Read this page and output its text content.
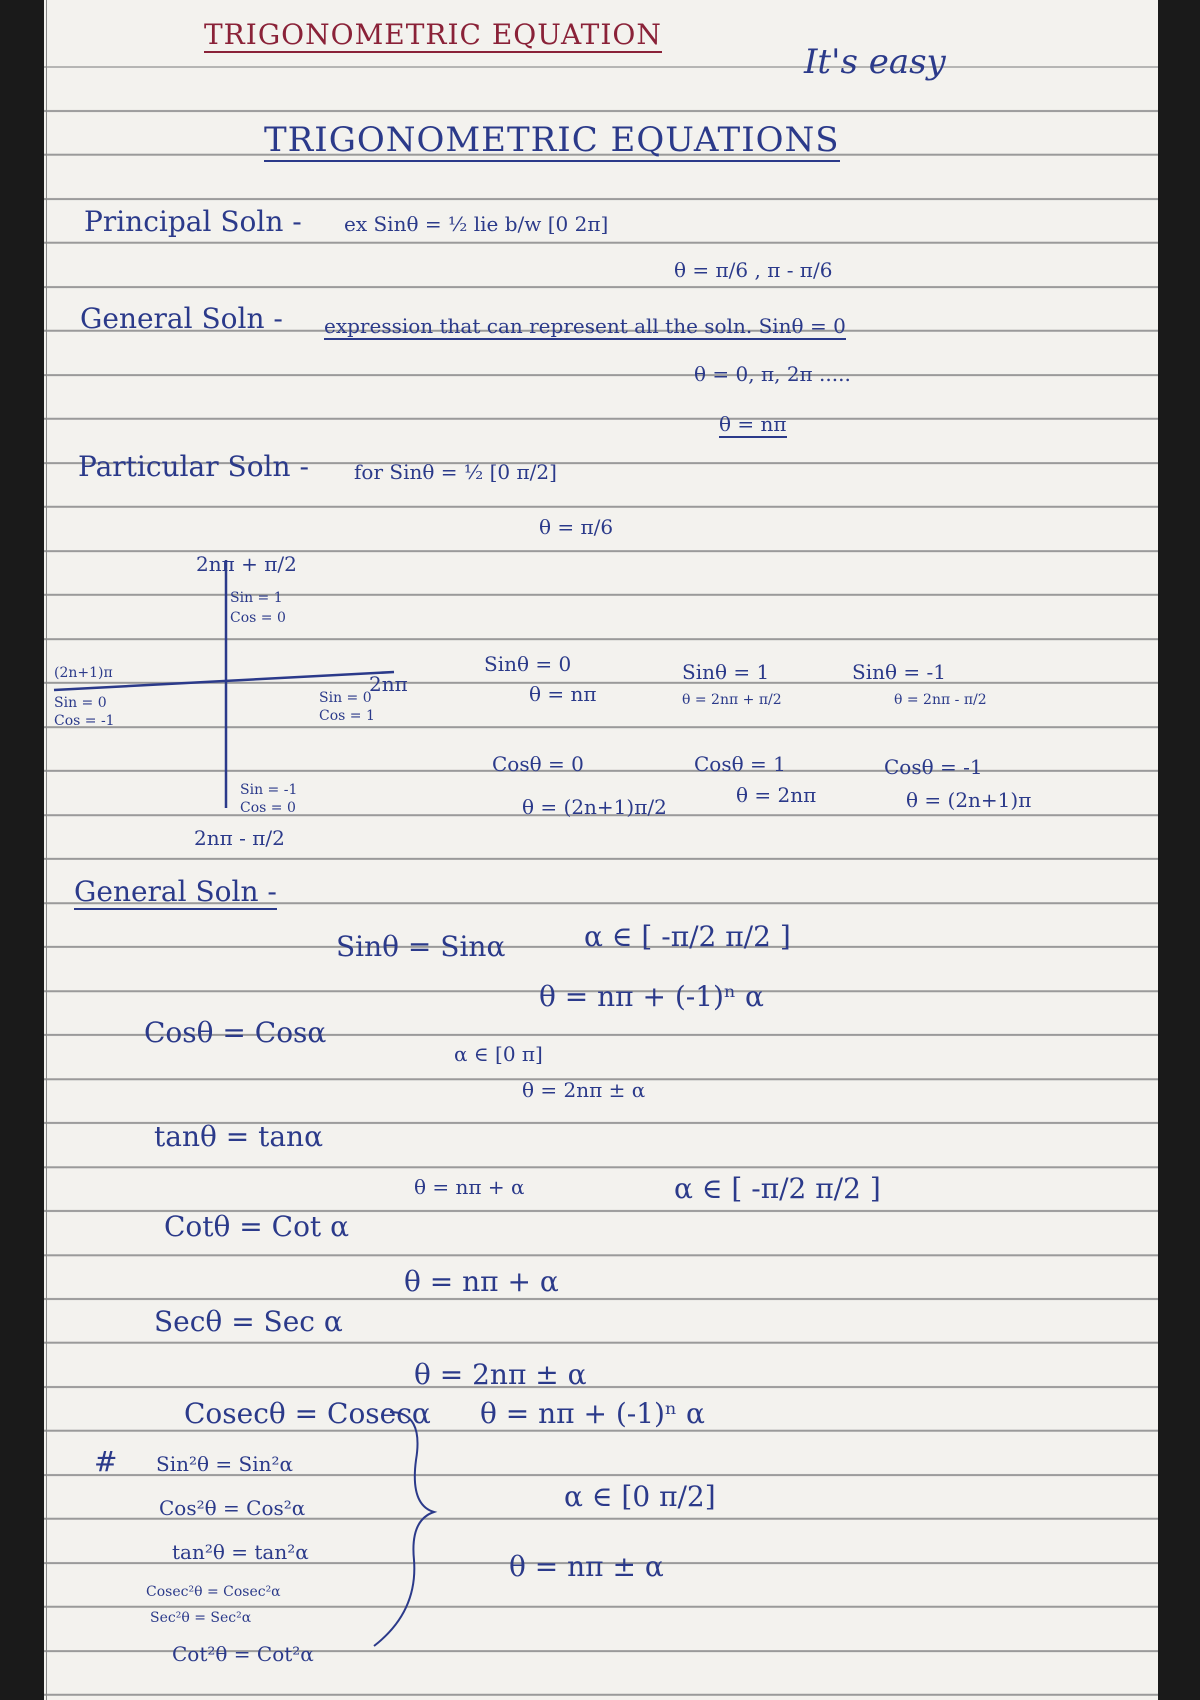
TRIGONOMETRIC EQUATION
It's easy
TRIGONOMETRIC EQUATIONS
Principal Soln - ex Sinθ = ½ lie b/w [0 2π]
θ = π/6 , π - π/6
General Soln - expression that can represent all the soln. Sinθ = 0
θ = 0, π, 2π .....
θ = nπ
Particular Soln - for Sinθ = ½ [0 π/2]
θ = π/6
2nπ + π/2
Sin = 1
Cos = 0
(2n+1)π
Sin = 0
Cos = -1
2nπ
Sin = 0
Cos = 1
Sin = -1
Cos = 0
2nπ - π/2
Sinθ = 0
θ = nπ
Sinθ = 1
θ = 2nπ + π/2
Sinθ = -1
θ = 2nπ - π/2
Cosθ = 0
θ = (2n+1)π/2
Cosθ = 1
θ = 2nπ
Cosθ = -1
θ = (2n+1)π
General Soln -
Sinθ = Sinα	α ∈ [ -π/2 π/2 ]
θ = nπ + (-1)ⁿ α
Cosθ = Cosα
α ∈ [0 π]
θ = 2nπ ± α
tanθ = tanα
θ = nπ + α	α ∈ [ -π/2 π/2 ]
Cotθ = Cot α
θ = nπ + α
Secθ = Sec α
θ = 2nπ ± α
Cosecθ = Cosecα θ = nπ + (-1)ⁿ α
# Sin²θ = Sin²α
Cos²θ = Cos²α
tan²θ = tan²α
Cosec²θ = Cosec²α
Sec²θ = Sec²α
Cot²θ = Cot²α
α ∈ [0 π/2]
θ = nπ ± α
